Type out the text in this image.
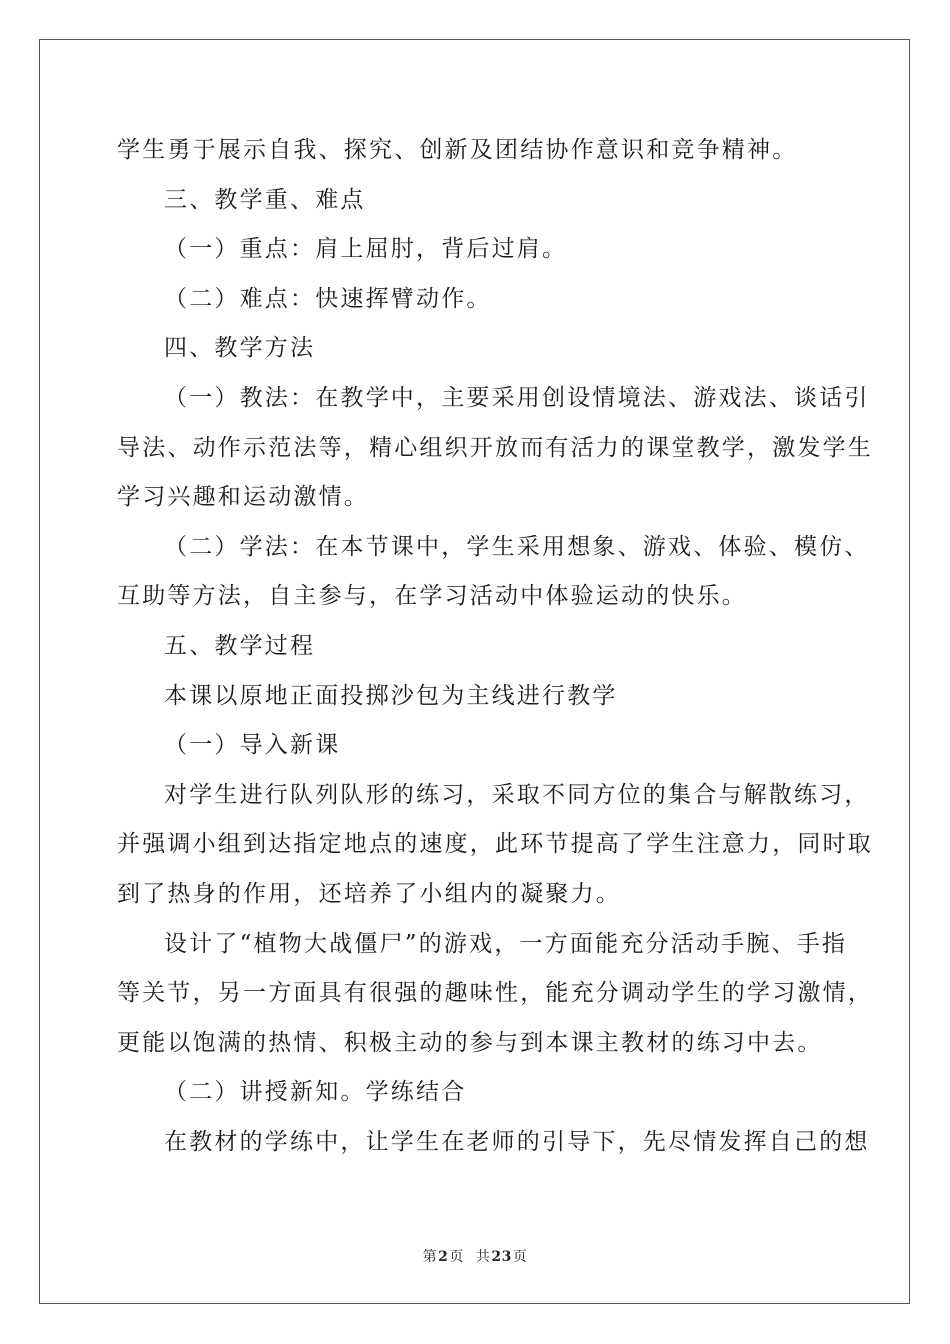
学生勇于展示自我、探究、创新及团结协作意识和竞争精神。
三、教学重、难点
（一）重点：肩上屈肘，背后过肩。
（二）难点：快速挥臂动作。
四、教学方法
（一）教法：在教学中，主要采用创设情境法、游戏法、谈话引
导法、动作示范法等，精心组织开放而有活力的课堂教学，激发学生
学习兴趣和运动激情。
（二）学法：在本节课中，学生采用想象、游戏、体验、模仿、
互助等方法，自主参与，在学习活动中体验运动的快乐。
五、教学过程
本课以原地正面投掷沙包为主线进行教学
（一）导入新课
对学生进行队列队形的练习，采取不同方位的集合与解散练习，
并强调小组到达指定地点的速度，此环节提高了学生注意力，同时取
到了热身的作用，还培养了小组内的凝聚力。
设计了“植物大战僵尸”的游戏，一方面能充分活动手腕、手指
等关节，另一方面具有很强的趣味性，能充分调动学生的学习激情，
更能以饱满的热情、积极主动的参与到本课主教材的练习中去。
（二）讲授新知。学练结合
在教材的学练中，让学生在老师的引导下，先尽情发挥自己的想
第2页 共23页
